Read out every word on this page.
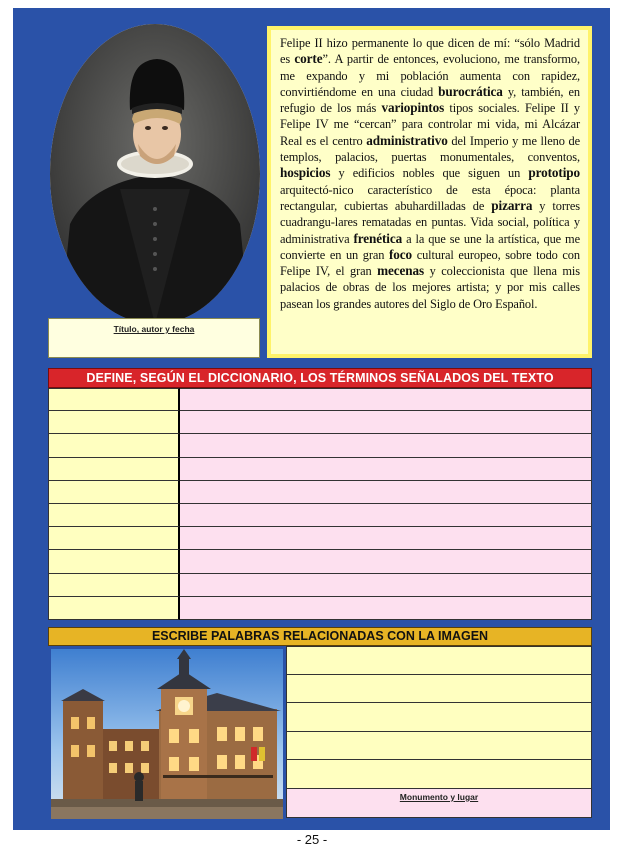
Título, autor y fecha
Felipe II hizo permanente lo que dicen de mí: “sólo Madrid es corte”. A partir de entonces, evoluciono, me transformo, me expando y mi población aumenta con rapidez, convirtiéndome en una ciudad burocrática y, también, en refugio de los más variopintos tipos sociales. Felipe II y Felipe IV me “cercan” para controlar mi vida, mi Alcázar Real es el centro administrativo del Imperio y me lleno de templos, palacios, puertas monumentales, conventos, hospicios y edificios nobles que siguen un prototipo arquitectó-nico característico de esta época: planta rectangular, cubiertas abuhardilladas de pizarra y torres cuadrangu-lares rematadas en puntas. Vida social, política y administrativa frenética a la que se une la artística, que me convierte en un gran foco cultural europeo, sobre todo con Felipe IV, el gran mecenas y coleccionista que llena mis palacios de obras de los mejores artista; y por mis calles pasean los grandes autores del Siglo de Oro Español.
DEFINE, SEGÚN EL DICCIONARIO, LOS TÉRMINOS SEÑALADOS DEL TEXTO
ESCRIBE PALABRAS RELACIONADAS CON LA IMAGEN
Monumento y lugar
- 25 -
